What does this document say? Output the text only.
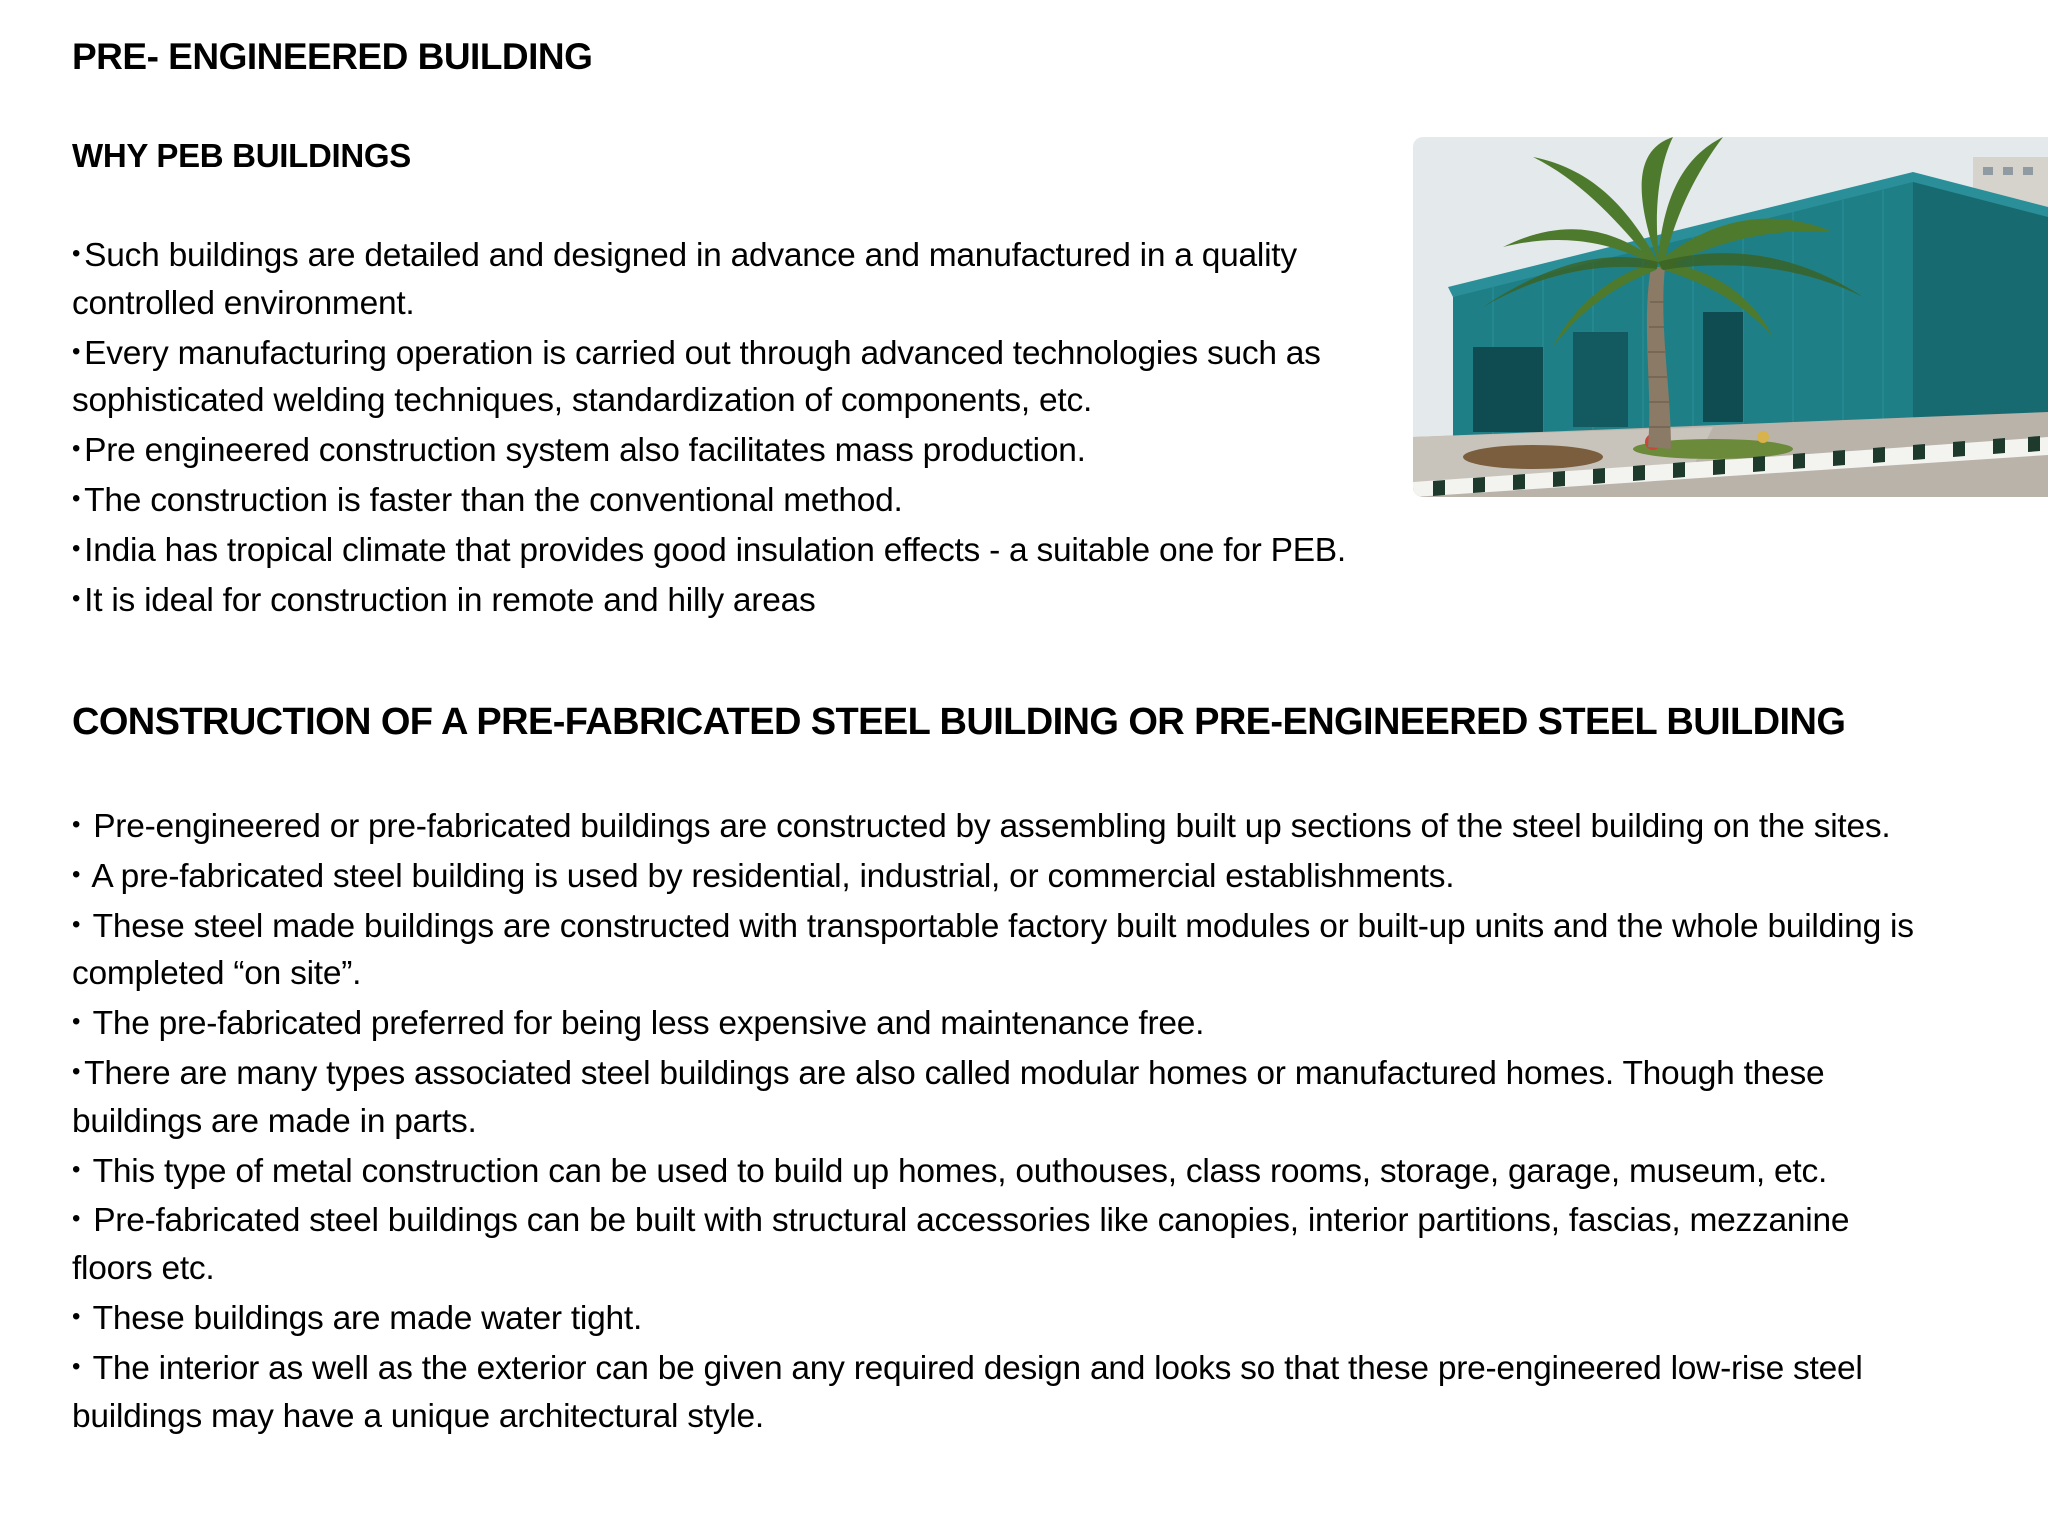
PRE- ENGINEERED BUILDING
WHY PEB BUILDINGS
• Such buildings are detailed and designed in advance and manufactured in a quality controlled environment.
• Every manufacturing operation is carried out through advanced technologies such as sophisticated welding techniques, standardization of components, etc.
• Pre engineered construction system also facilitates mass production.
• The construction is faster than the conventional method.
• India has tropical climate that provides good insulation effects - a suitable one for PEB.
• It is ideal for construction in remote and hilly areas
CONSTRUCTION OF A PRE-FABRICATED STEEL BUILDING OR PRE-ENGINEERED STEEL BUILDING
• Pre-engineered or pre-fabricated buildings are constructed by assembling built up sections of the steel building on the sites.
• A pre-fabricated steel building is used by residential, industrial, or commercial establishments.
• These steel made buildings are constructed with transportable factory built modules or built-up units and the whole building is completed “on site”.
• The pre-fabricated preferred for being less expensive and maintenance free.
• There are many types associated steel buildings are also called modular homes or manufactured homes. Though these buildings are made in parts.
• This type of metal construction can be used to build up homes, outhouses, class rooms, storage, garage, museum, etc.
• Pre-fabricated steel buildings can be built with structural accessories like canopies, interior partitions, fascias, mezzanine floors etc.
• These buildings are made water tight.
• The interior as well as the exterior can be given any required design and looks so that these pre-engineered low-rise steel buildings may have a unique architectural style.
